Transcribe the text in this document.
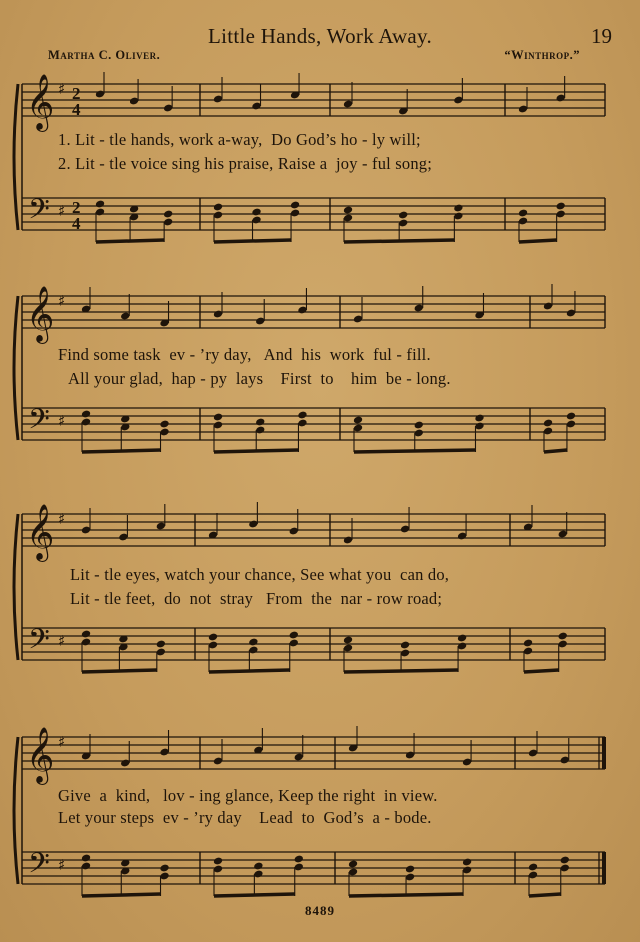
Little Hands, Work Away.	19
Martha C. Oliver.	“Winthrop.”
𝄞 ♯ 2
4
𝄢 ♯ 2
4
𝄞 ♯
𝄢 ♯
𝄞 ♯
𝄢 ♯
𝄞 ♯
𝄢 ♯
1. Lit - tle hands, work a-way,  Do God’s ho - ly will;
2. Lit - tle voice sing his praise, Raise a  joy - ful song;
Find some task  ev - ’ry day,   And  his  work  ful - fill.
All your glad,  hap - py  lays    First  to    him  be - long.
Lit - tle eyes, watch your chance, See what you  can do,
Lit - tle feet,  do  not  stray   From  the  nar - row road;
Give  a  kind,   lov - ing glance, Keep the right  in view.
Let your steps  ev - ’ry day    Lead  to  God’s  a - bode.
8489
